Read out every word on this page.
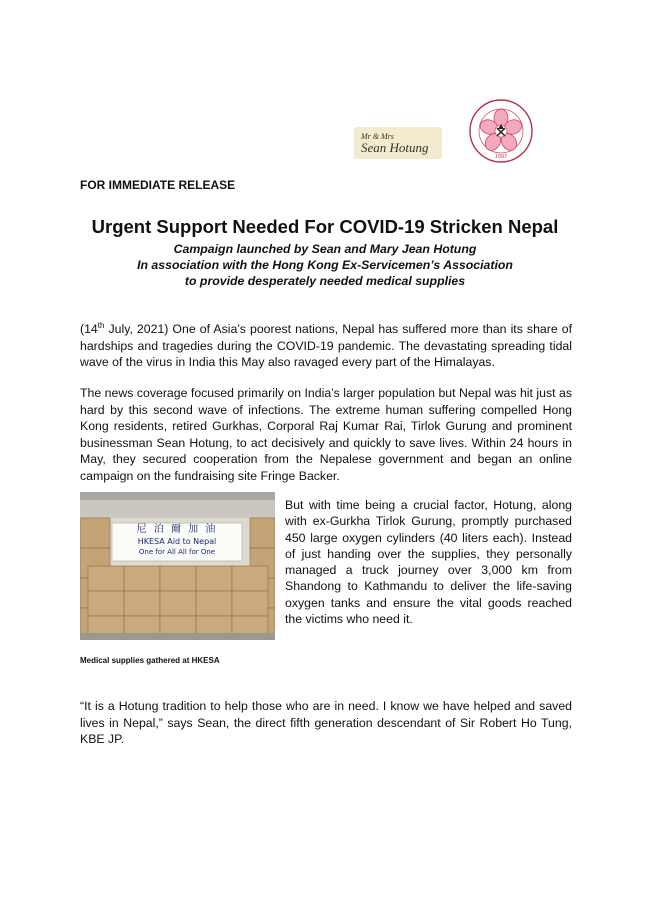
Mr & Mrs
Sean Hotung
1997
FOR IMMEDIATE RELEASE
Urgent Support Needed For COVID-19 Stricken Nepal
Campaign launched by Sean and Mary Jean Hotung
In association with the Hong Kong Ex-Servicemen’s Association
to provide desperately needed medical supplies
(14th July, 2021) One of Asia’s poorest nations, Nepal has suffered more than its share of hardships and tragedies during the COVID-19 pandemic. The devastating spreading tidal wave of the virus in India this May also ravaged every part of the Himalayas.
The news coverage focused primarily on India’s larger population but Nepal was hit just as hard by this second wave of infections. The extreme human suffering compelled Hong Kong residents, retired Gurkhas, Corporal Raj Kumar Rai, Tirlok Gurung and prominent businessman Sean Hotung, to act decisively and quickly to save lives. Within 24 hours in May, they secured cooperation from the Nepalese government and began an online campaign on the fundraising site Fringe Backer.
尼 泊 爾 加 油
HKESA Aid to Nepal
One for All All for One
But with time being a crucial factor, Hotung, along with ex-Gurkha Tirlok Gurung, promptly purchased 450 large oxygen cylinders (40 liters each). Instead of just handing over the supplies, they personally managed a truck journey over 3,000 km from Shandong to Kathmandu to deliver the life-saving oxygen tanks and ensure the vital goods reached the victims who need it.
Medical supplies gathered at HKESA
“It is a Hotung tradition to help those who are in need. I know we have helped and saved lives in Nepal,” says Sean, the direct fifth generation descendant of Sir Robert Ho Tung, KBE JP.
